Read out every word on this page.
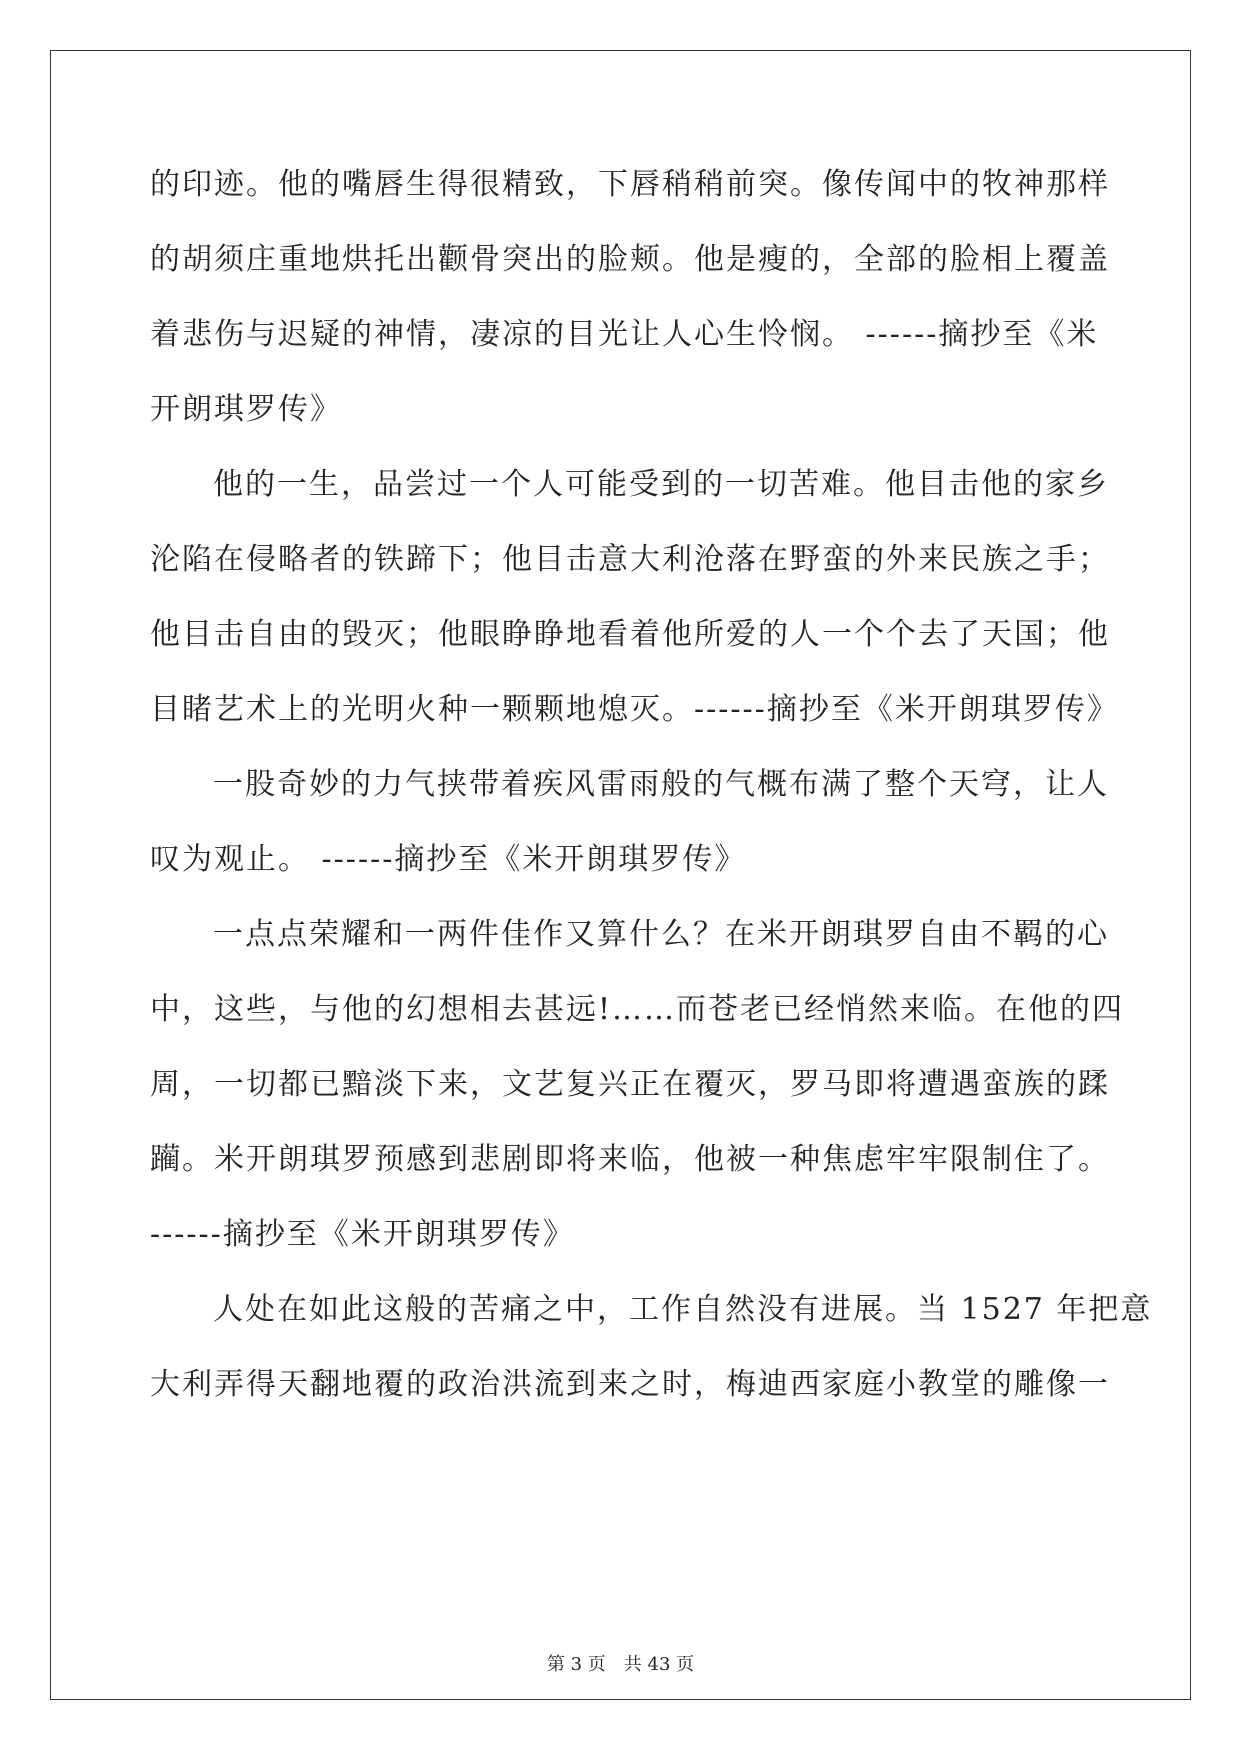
的印迹。他的嘴唇生得很精致，下唇稍稍前突。像传闻中的牧神那样
的胡须庄重地烘托出颧骨突出的脸颊。他是瘦的，全部的脸相上覆盖
着悲伤与迟疑的神情，凄凉的目光让人心生怜悯。 ------摘抄至《米
开朗琪罗传》
他的一生，品尝过一个人可能受到的一切苦难。他目击他的家乡
沦陷在侵略者的铁蹄下；他目击意大利沧落在野蛮的外来民族之手；
他目击自由的毁灭；他眼睁睁地看着他所爱的人一个个去了天国；他
目睹艺术上的光明火种一颗颗地熄灭。------摘抄至《米开朗琪罗传》
一股奇妙的力气挟带着疾风雷雨般的气概布满了整个天穹，让人
叹为观止。 ------摘抄至《米开朗琪罗传》
一点点荣耀和一两件佳作又算什么？在米开朗琪罗自由不羁的心
中，这些，与他的幻想相去甚远!……而苍老已经悄然来临。在他的四
周，一切都已黯淡下来，文艺复兴正在覆灭，罗马即将遭遇蛮族的蹂
躏。米开朗琪罗预感到悲剧即将来临，他被一种焦虑牢牢限制住了。
------摘抄至《米开朗琪罗传》
人处在如此这般的苦痛之中，工作自然没有进展。当 1527 年把意
大利弄得天翻地覆的政治洪流到来之时，梅迪西家庭小教堂的雕像一
第 3 页 共 43 页
